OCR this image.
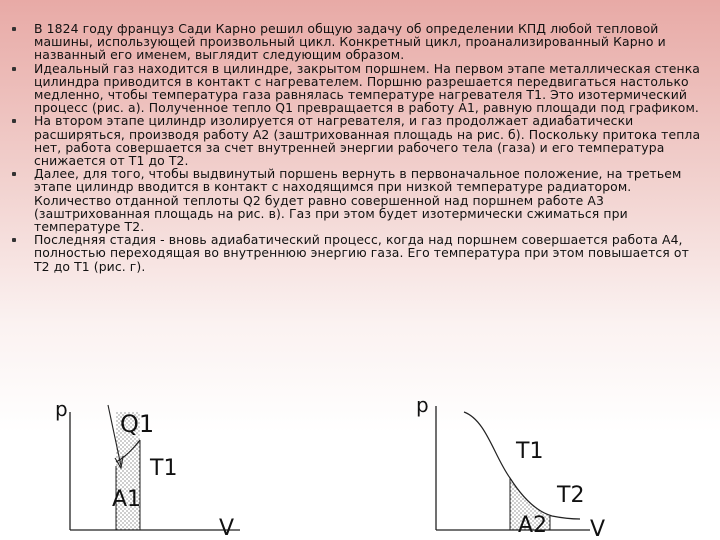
В 1824 году француз Сади Карно решил общую задачу об определении КПД любой тепловой машины, использующей произвольный цикл. Конкретный цикл, проанализированный Карно и названный его именем, выглядит следующим образом.
Идеальный газ находится в цилиндре, закрытом поршнем. На первом этапе металлическая стенка цилиндра приводится в контакт с нагревателем. Поршню разрешается передвигаться настолько медленно, чтобы температура газа равнялась температуре нагревателя T1. Это изотермический процесс (рис. а). Полученное тепло Q1 превращается в работу A1, равную площади под графиком.
На втором этапе цилиндр изолируется от нагревателя, и газ продолжает адиабатически расширяться, производя работу A2 (заштрихованная площадь на рис. б). Поскольку притока тепла нет, работа совершается за счет внутренней энергии рабочего тела (газа) и его температура снижается от T1 до T2.
Далее, для того, чтобы выдвинутый поршень вернуть в первоначальное положение, на третьем этапе цилиндр вводится в контакт с находящимся при низкой температуре радиатором. Количество отданной теплоты Q2 будет равно совершенной над поршнем работе A3 (заштрихованная площадь на рис. в). Газ при этом будет изотермически сжиматься при температуре T2.
Последняя стадия - вновь адиабатический процесс, когда над поршнем совершается работа A4, полностью переходящая во внутреннюю энергию газа. Его температура при этом повышается от T2 до T1 (рис. г).
p
Q1
T1
A1
V
p
T1
T2
A2 V
